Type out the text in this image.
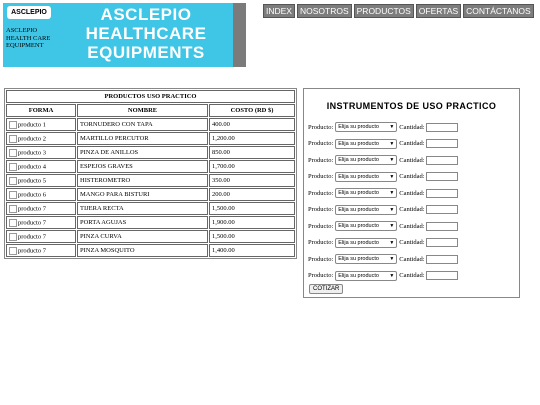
ASCLEPIO
ASCLEPIO HEALTH CARE EQUIPMENT
ASCLEPIO
HEALTHCARE
EQUIPMENTS
INDEX NOSOTROS PRODUCTOS OFERTAS CONTÁCTANOS
PRODUCTOS USO PRACTICO		
FORMA	NOMBRE	COSTO (RD $)
producto 1	TORNUDERO CON TAPA	400.00
producto 2	MARTILLO PERCUTOR	1,200.00
producto 3	PINZA DE ANILLOS	850.00
producto 4	ESPEJOS GRAVES	1,700.00
producto 5	HISTEROMETRO	350.00
producto 6	MANGO PARA BISTURI	200.00
producto 7	TIJERA RECTA	1,500.00
producto 7	PORTA AGUJAS	1,900.00
producto 7	PINZA CURVA	1,500.00
producto 7	PINZA MOSQUITO	1,400.00
INSTRUMENTOS DE USO PRACTICO
Producto: Elija su producto ▼ Cantidad:
Producto: Elija su producto ▼ Cantidad:
Producto: Elija su producto ▼ Cantidad:
Producto: Elija su producto ▼ Cantidad:
Producto: Elija su producto ▼ Cantidad:
Producto: Elija su producto ▼ Cantidad:
Producto: Elija su producto ▼ Cantidad:
Producto: Elija su producto ▼ Cantidad:
Producto: Elija su producto ▼ Cantidad:
Producto: Elija su producto ▼ Cantidad:
COTIZAR
